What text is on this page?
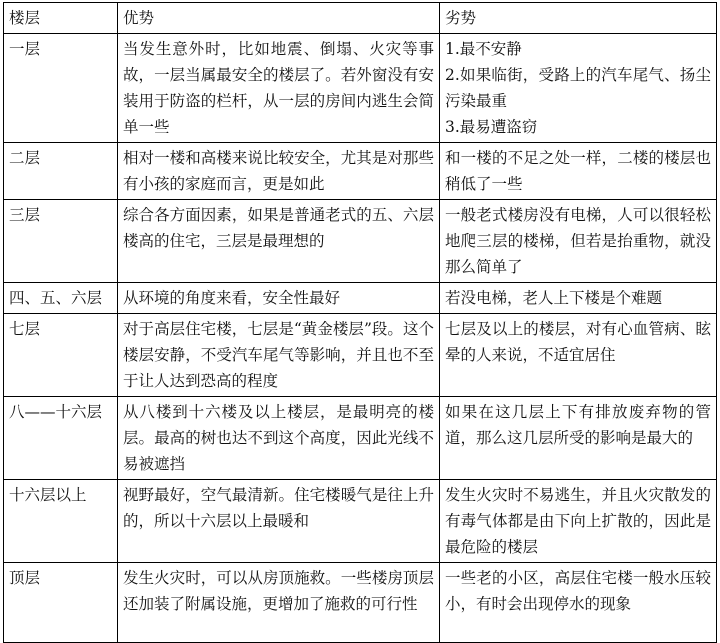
楼层	优势	劣势
一层	当发生意外时，比如地震、倒塌、火灾等事故，一层当属最安全的楼层了。若外窗没有安装用于防盗的栏杆，从一层的房间内逃生会简单一些	1.最不安静
2.如果临街，受路上的汽车尾气、扬尘污染最重
3.最易遭盗窃

二层	相对一楼和高楼来说比较安全，尤其是对那些有小孩的家庭而言，更是如此	和一楼的不足之处一样，二楼的楼层也稍低了一些
三层	综合各方面因素，如果是普通老式的五、六层楼高的住宅，三层是最理想的	一般老式楼房没有电梯，人可以很轻松地爬三层的楼梯，但若是抬重物，就没那么简单了
四、五、六层	从环境的角度来看，安全性最好	若没电梯，老人上下楼是个难题
七层	对于高层住宅楼，七层是“黄金楼层”段。这个楼层安静，不受汽车尾气等影响，并且也不至于让人达到恐高的程度	七层及以上的楼层，对有心血管病、眩晕的人来说，不适宜居住
八——十六层	从八楼到十六楼及以上楼层，是最明亮的楼层。最高的树也达不到这个高度，因此光线不易被遮挡	如果在这几层上下有排放废弃物的管道，那么这几层所受的影响是最大的
十六层以上	视野最好，空气最清新。住宅楼暖气是往上升的，所以十六层以上最暖和	发生火灾时不易逃生，并且火灾散发的有毒气体都是由下向上扩散的，因此是最危险的楼层
顶层	发生火灾时，可以从房顶施救。一些楼房顶层还加装了附属设施，更增加了施救的可行性	一些老的小区，高层住宅楼一般水压较小，有时会出现停水的现象
